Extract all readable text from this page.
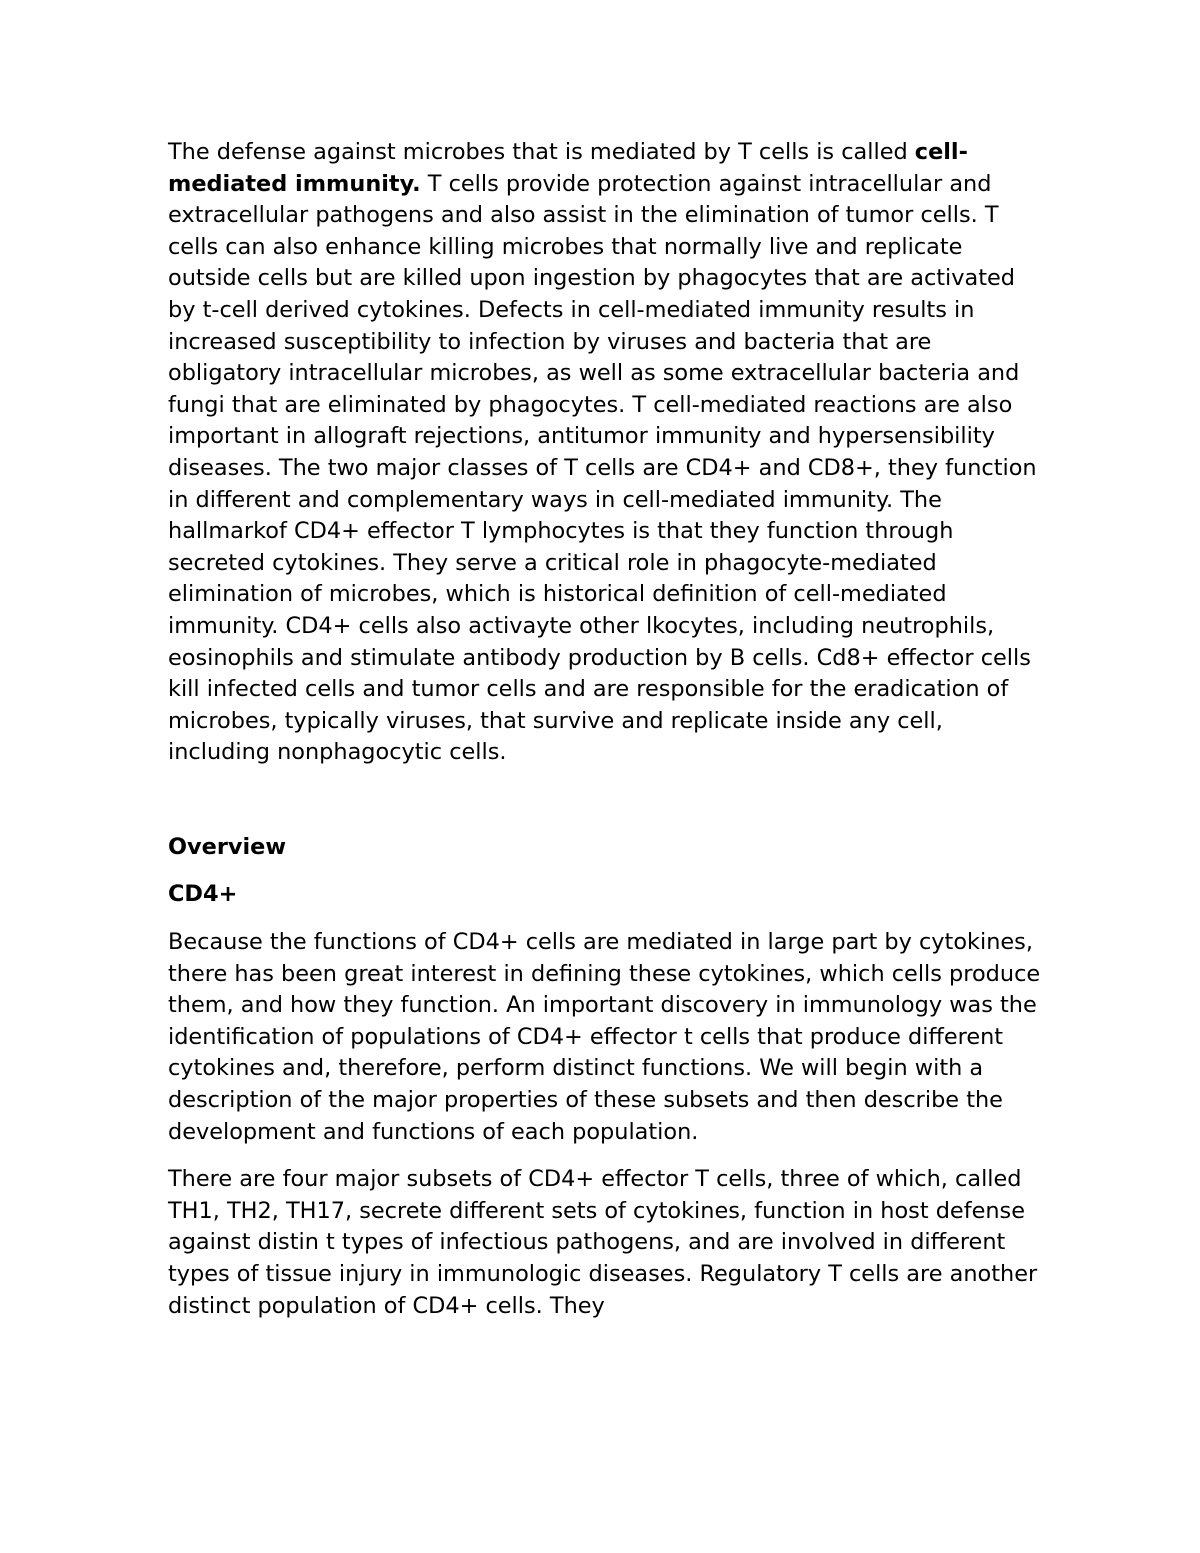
The defense against microbes that is mediated by T cells is called cell-mediated immunity. T cells provide protection against intracellular and extracellular pathogens and also assist in the elimination of tumor cells. T cells can also enhance killing microbes that normally live and replicate outside cells but are killed upon ingestion by phagocytes that are activated by t-cell derived cytokines. Defects in cell-mediated immunity results in increased susceptibility to infection by viruses and bacteria that are obligatory intracellular microbes, as well as some extracellular bacteria and fungi that are eliminated by phagocytes. T cell-mediated reactions are also important in allograft rejections, antitumor immunity and hypersensibility diseases. The two major classes of T cells are CD4+ and CD8+, they function in different and complementary ways in cell-mediated immunity. The hallmarkof CD4+ effector T lymphocytes is that they function through secreted cytokines. They serve a critical role in phagocyte-mediated elimination of microbes, which is historical definition of cell-mediated immunity. CD4+ cells also activayte other lkocytes, including neutrophils, eosinophils and stimulate antibody production by B cells. Cd8+ effector cells kill infected cells and tumor cells and are responsible for the eradication of microbes, typically viruses, that survive and replicate inside any cell, including nonphagocytic cells.

Overview

CD4+

Because the functions of CD4+ cells are mediated in large part by cytokines, there has been great interest in defining these cytokines, which cells produce them, and how they function. An important discovery in immunology was the identification of populations of CD4+ effector t cells that produce different cytokines and, therefore, perform distinct functions. We will begin with a description of the major properties of these subsets and then describe the development and functions of each population.

There are four major subsets of CD4+ effector T cells, three of which, called TH1, TH2, TH17, secrete different sets of cytokines, function in host defense against distin t types of infectious pathogens, and are involved in different types of tissue injury in immunologic diseases. Regulatory T cells are another distinct population of CD4+ cells. They
